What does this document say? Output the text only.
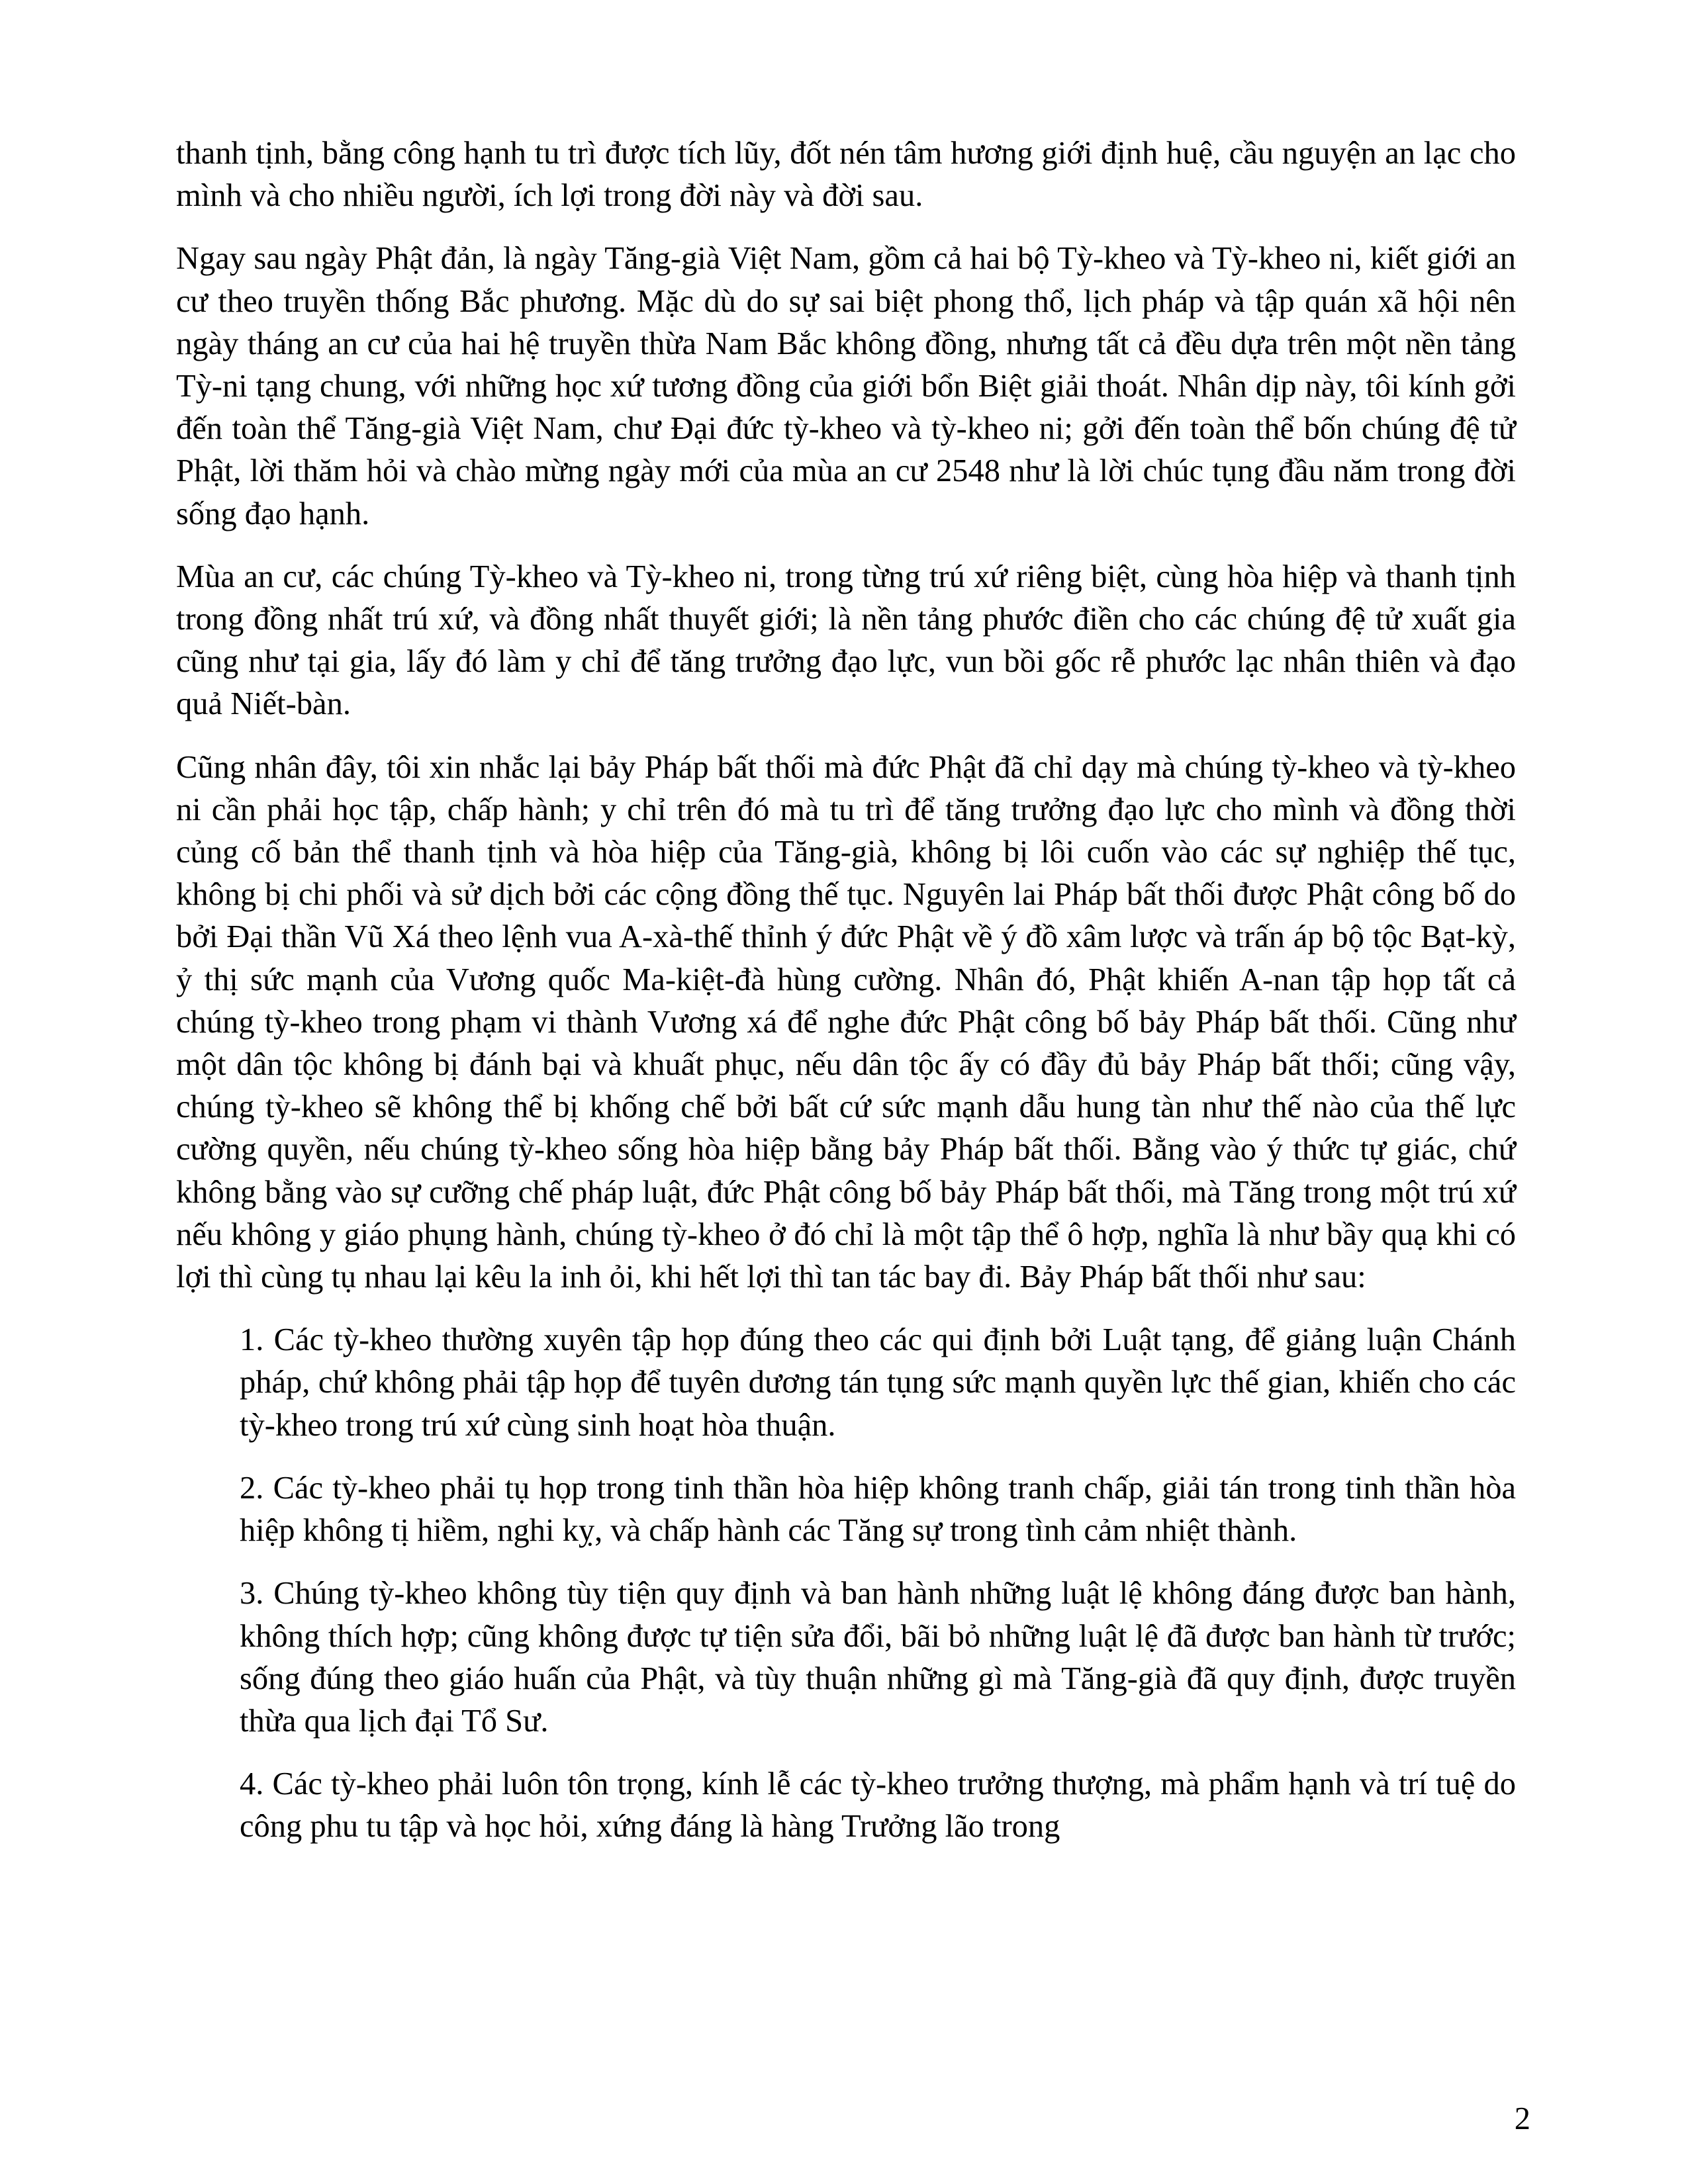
thanh tịnh, bằng công hạnh tu trì được tích lũy, đốt nén tâm hương giới định huệ, cầu nguyện an lạc cho mình và cho nhiều người, ích lợi trong đời này và đời sau.

Ngay sau ngày Phật đản, là ngày Tăng-già Việt Nam, gồm cả hai bộ Tỳ-kheo và Tỳ-kheo ni, kiết giới an cư theo truyền thống Bắc phương. Mặc dù do sự sai biệt phong thổ, lịch pháp và tập quán xã hội nên ngày tháng an cư của hai hệ truyền thừa Nam Bắc không đồng, nhưng tất cả đều dựa trên một nền tảng Tỳ-ni tạng chung, với những học xứ tương đồng của giới bổn Biệt giải thoát. Nhân dịp này, tôi kính gởi đến toàn thể Tăng-già Việt Nam, chư Đại đức tỳ-kheo và tỳ-kheo ni; gởi đến toàn thể bốn chúng đệ tử Phật, lời thăm hỏi và chào mừng ngày mới của mùa an cư 2548 như là lời chúc tụng đầu năm trong đời sống đạo hạnh.

Mùa an cư, các chúng Tỳ-kheo và Tỳ-kheo ni, trong từng trú xứ riêng biệt, cùng hòa hiệp và thanh tịnh trong đồng nhất trú xứ, và đồng nhất thuyết giới; là nền tảng phước điền cho các chúng đệ tử xuất gia cũng như tại gia, lấy đó làm y chỉ để tăng trưởng đạo lực, vun bồi gốc rễ phước lạc nhân thiên và đạo quả Niết-bàn.

Cũng nhân đây, tôi xin nhắc lại bảy Pháp bất thối mà đức Phật đã chỉ dạy mà chúng tỳ-kheo và tỳ-kheo ni cần phải học tập, chấp hành; y chỉ trên đó mà tu trì để tăng trưởng đạo lực cho mình và đồng thời củng cố bản thể thanh tịnh và hòa hiệp của Tăng-già, không bị lôi cuốn vào các sự nghiệp thế tục, không bị chi phối và sử dịch bởi các cộng đồng thế tục. Nguyên lai Pháp bất thối được Phật công bố do bởi Đại thần Vũ Xá theo lệnh vua A-xà-thế thỉnh ý đức Phật về ý đồ xâm lược và trấn áp bộ tộc Bạt-kỳ, ỷ thị sức mạnh của Vương quốc Ma-kiệt-đà hùng cường. Nhân đó, Phật khiến A-nan tập họp tất cả chúng tỳ-kheo trong phạm vi thành Vương xá để nghe đức Phật công bố bảy Pháp bất thối. Cũng như một dân tộc không bị đánh bại và khuất phục, nếu dân tộc ấy có đầy đủ bảy Pháp bất thối; cũng vậy, chúng tỳ-kheo sẽ không thể bị khống chế bởi bất cứ sức mạnh dẫu hung tàn như thế nào của thế lực cường quyền, nếu chúng tỳ-kheo sống hòa hiệp bằng bảy Pháp bất thối. Bằng vào ý thức tự giác, chứ không bằng vào sự cưỡng chế pháp luật, đức Phật công bố bảy Pháp bất thối, mà Tăng trong một trú xứ nếu không y giáo phụng hành, chúng tỳ-kheo ở đó chỉ là một tập thể ô hợp, nghĩa là như bầy quạ khi có lợi thì cùng tụ nhau lại kêu la inh ỏi, khi hết lợi thì tan tác bay đi. Bảy Pháp bất thối như sau:

1. Các tỳ-kheo thường xuyên tập họp đúng theo các qui định bởi Luật tạng, để giảng luận Chánh pháp, chứ không phải tập họp để tuyên dương tán tụng sức mạnh quyền lực thế gian, khiến cho các tỳ-kheo trong trú xứ cùng sinh hoạt hòa thuận.

2. Các tỳ-kheo phải tụ họp trong tinh thần hòa hiệp không tranh chấp, giải tán trong tinh thần hòa hiệp không tị hiềm, nghi kỵ, và chấp hành các Tăng sự trong tình cảm nhiệt thành.

3. Chúng tỳ-kheo không tùy tiện quy định và ban hành những luật lệ không đáng được ban hành, không thích hợp; cũng không được tự tiện sửa đổi, bãi bỏ những luật lệ đã được ban hành từ trước; sống đúng theo giáo huấn của Phật, và tùy thuận những gì mà Tăng-già đã quy định, được truyền thừa qua lịch đại Tổ Sư.

4. Các tỳ-kheo phải luôn tôn trọng, kính lễ các tỳ-kheo trưởng thượng, mà phẩm hạnh và trí tuệ do công phu tu tập và học hỏi, xứng đáng là hàng Trưởng lão trong

2
